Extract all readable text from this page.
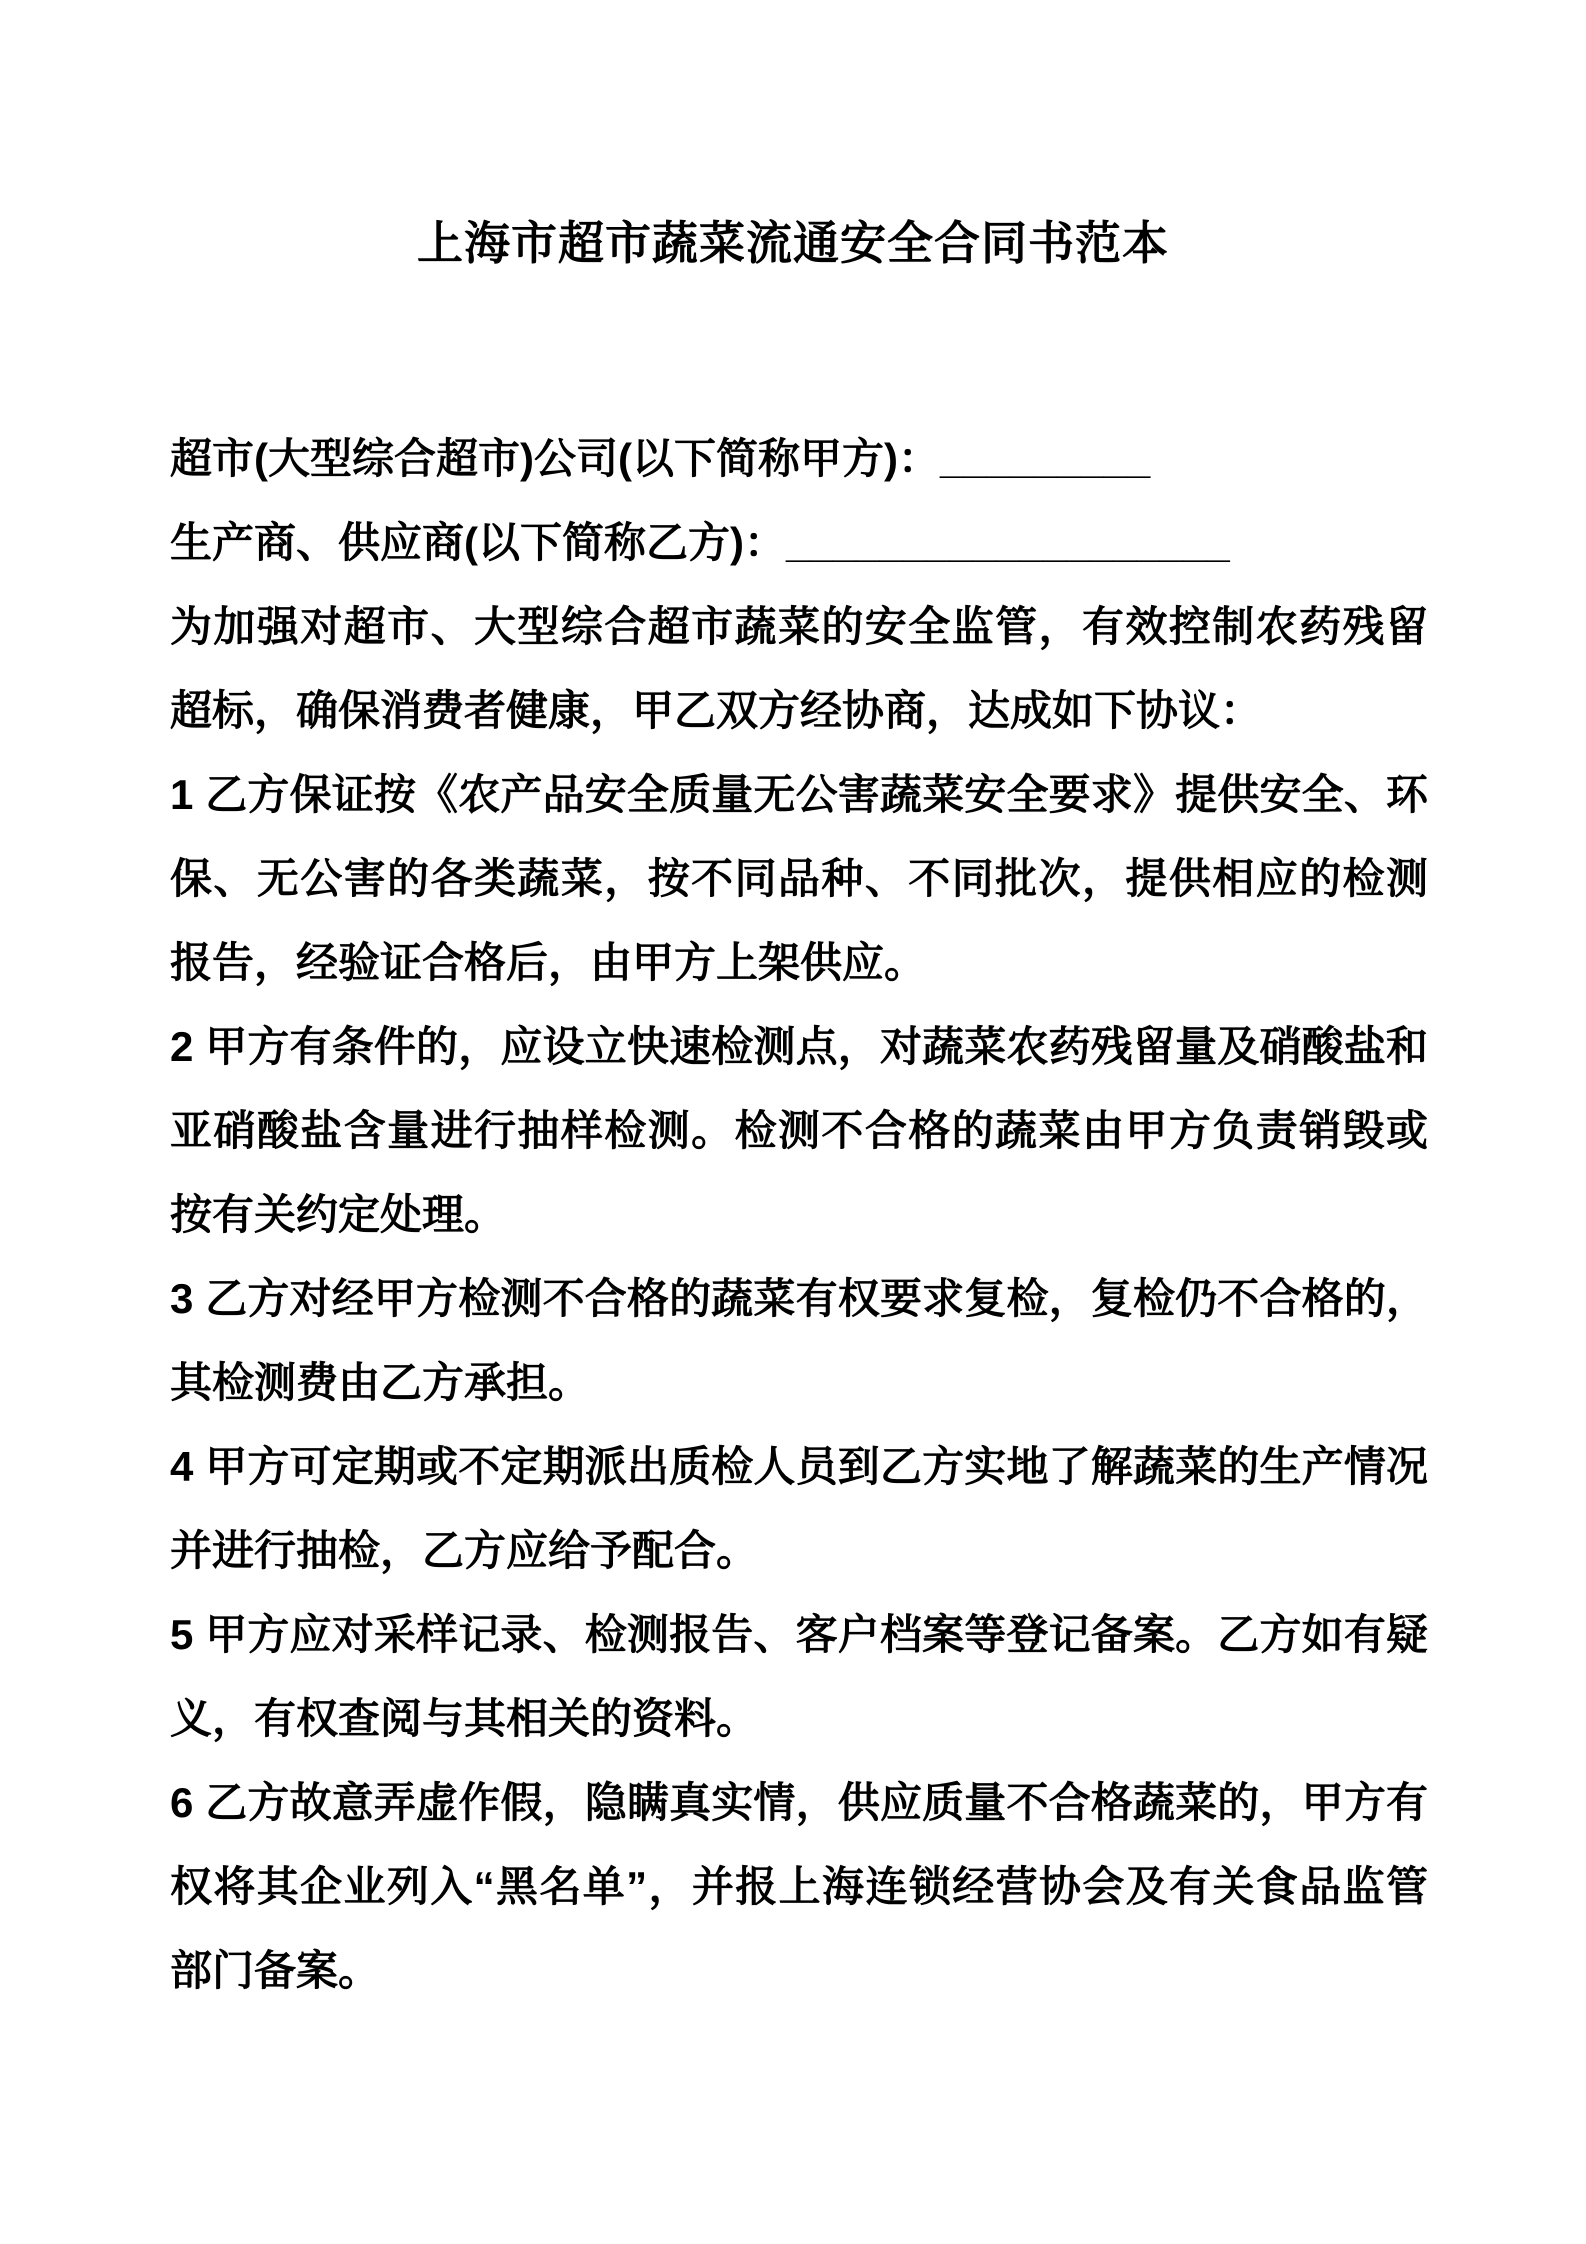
上海市超市蔬菜流通安全合同书范本

超市(大型综合超市)公司(以下简称甲方)：_________

生产商、供应商(以下简称乙方)：___________________

为加强对超市、大型综合超市蔬菜的安全监管，有效控制农药残留超标，确保消费者健康，甲乙双方经协商，达成如下协议：

1 乙方保证按《农产品安全质量无公害蔬菜安全要求》提供安全、环保、无公害的各类蔬菜，按不同品种、不同批次，提供相应的检测报告，经验证合格后，由甲方上架供应。

2 甲方有条件的，应设立快速检测点，对蔬菜农药残留量及硝酸盐和亚硝酸盐含量进行抽样检测。检测不合格的蔬菜由甲方负责销毁或按有关约定处理。

3 乙方对经甲方检测不合格的蔬菜有权要求复检，复检仍不合格的，其检测费由乙方承担。

4 甲方可定期或不定期派出质检人员到乙方实地了解蔬菜的生产情况并进行抽检，乙方应给予配合。

5 甲方应对采样记录、检测报告、客户档案等登记备案。乙方如有疑义，有权查阅与其相关的资料。

6 乙方故意弄虚作假，隐瞒真实情，供应质量不合格蔬菜的，甲方有权将其企业列入“黑名单”，并报上海连锁经营协会及有关食品监管部门备案。
